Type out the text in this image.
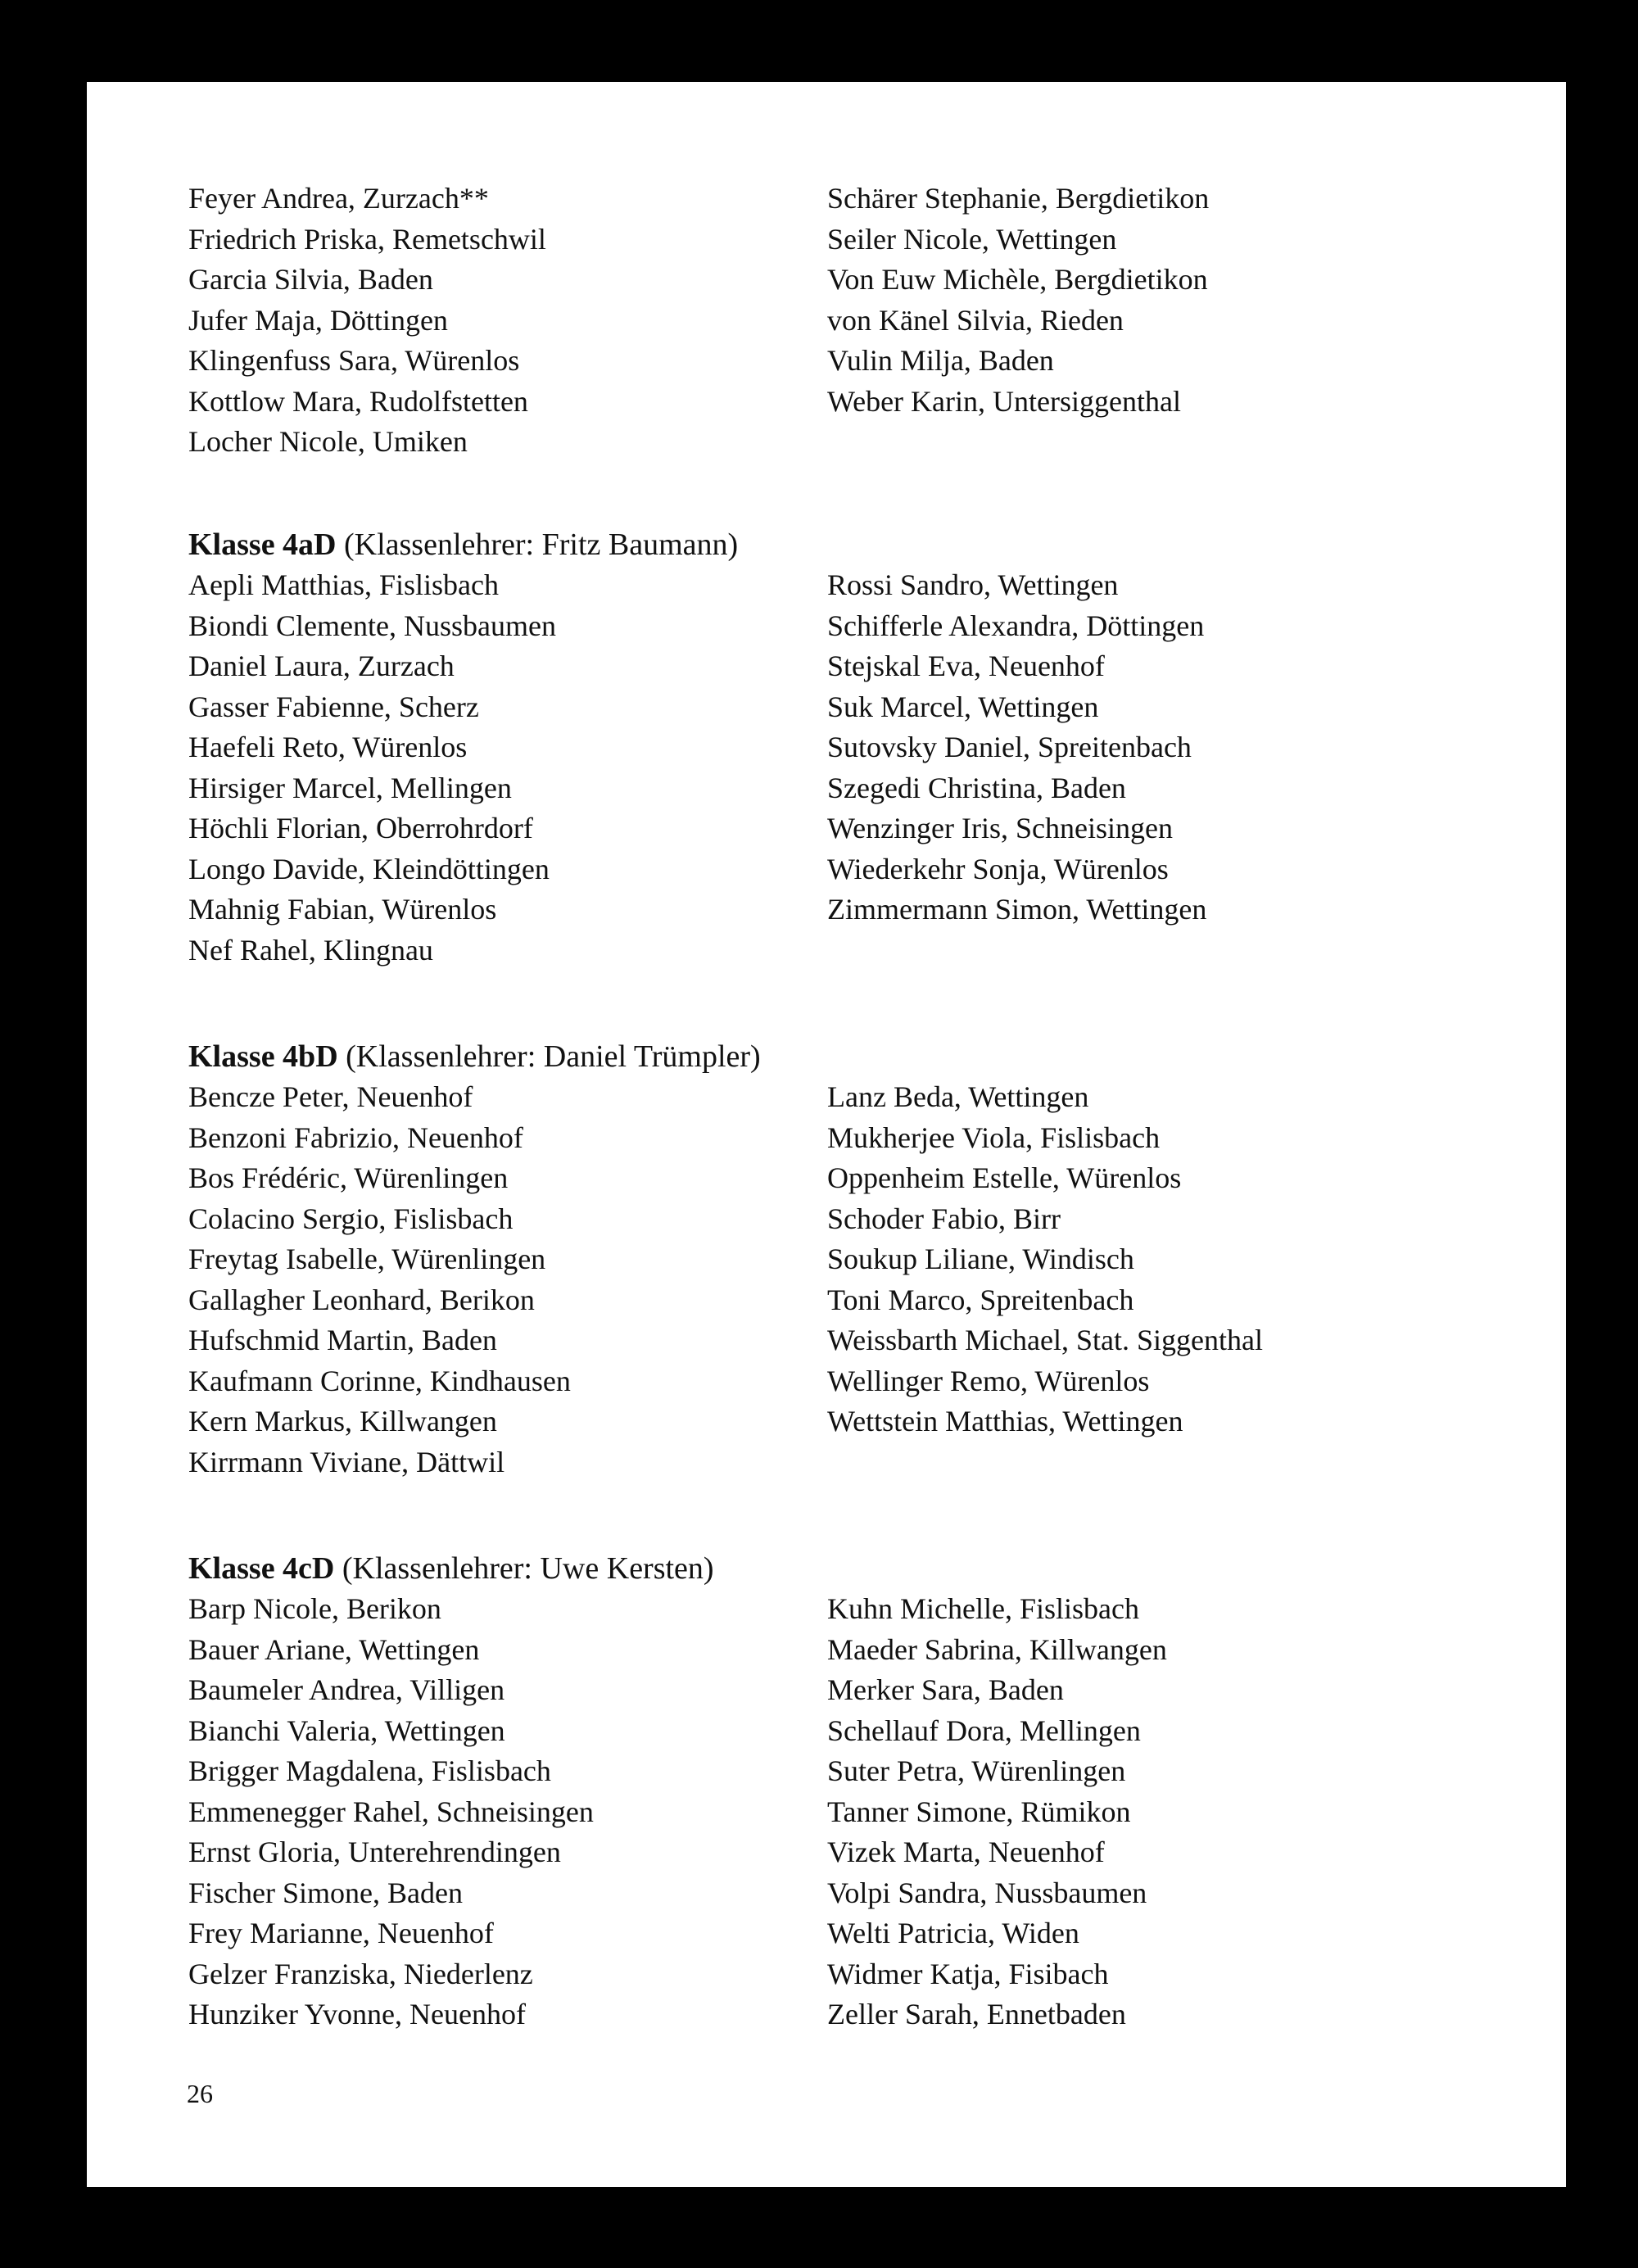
Feyer Andrea, Zurzach**
Friedrich Priska, Remetschwil
Garcia Silvia, Baden
Jufer Maja, Döttingen
Klingenfuss Sara, Würenlos
Kottlow Mara, Rudolfstetten
Locher Nicole, Umiken
Schärer Stephanie, Bergdietikon
Seiler Nicole, Wettingen
Von Euw Michèle, Bergdietikon
von Känel Silvia, Rieden
Vulin Milja, Baden
Weber Karin, Untersiggenthal
Klasse 4aD (Klassenlehrer: Fritz Baumann)
Aepli Matthias, Fislisbach
Biondi Clemente, Nussbaumen
Daniel Laura, Zurzach
Gasser Fabienne, Scherz
Haefeli Reto, Würenlos
Hirsiger Marcel, Mellingen
Höchli Florian, Oberrohrdorf
Longo Davide, Kleindöttingen
Mahnig Fabian, Würenlos
Nef Rahel, Klingnau
Rossi Sandro, Wettingen
Schifferle Alexandra, Döttingen
Stejskal Eva, Neuenhof
Suk Marcel, Wettingen
Sutovsky Daniel, Spreitenbach
Szegedi Christina, Baden
Wenzinger Iris, Schneisingen
Wiederkehr Sonja, Würenlos
Zimmermann Simon, Wettingen
Klasse 4bD (Klassenlehrer: Daniel Trümpler)
Bencze Peter, Neuenhof
Benzoni Fabrizio, Neuenhof
Bos Frédéric, Würenlingen
Colacino Sergio, Fislisbach
Freytag Isabelle, Würenlingen
Gallagher Leonhard, Berikon
Hufschmid Martin, Baden
Kaufmann Corinne, Kindhausen
Kern Markus, Killwangen
Kirrmann Viviane, Dättwil
Lanz Beda, Wettingen
Mukherjee Viola, Fislisbach
Oppenheim Estelle, Würenlos
Schoder Fabio, Birr
Soukup Liliane, Windisch
Toni Marco, Spreitenbach
Weissbarth Michael, Stat. Siggenthal
Wellinger Remo, Würenlos
Wettstein Matthias, Wettingen
Klasse 4cD (Klassenlehrer: Uwe Kersten)
Barp Nicole, Berikon
Bauer Ariane, Wettingen
Baumeler Andrea, Villigen
Bianchi Valeria, Wettingen
Brigger Magdalena, Fislisbach
Emmenegger Rahel, Schneisingen
Ernst Gloria, Unterehrendingen
Fischer Simone, Baden
Frey Marianne, Neuenhof
Gelzer Franziska, Niederlenz
Hunziker Yvonne, Neuenhof
Kuhn Michelle, Fislisbach
Maeder Sabrina, Killwangen
Merker Sara, Baden
Schellauf Dora, Mellingen
Suter Petra, Würenlingen
Tanner Simone, Rümikon
Vizek Marta, Neuenhof
Volpi Sandra, Nussbaumen
Welti Patricia, Widen
Widmer Katja, Fisibach
Zeller Sarah, Ennetbaden
26
